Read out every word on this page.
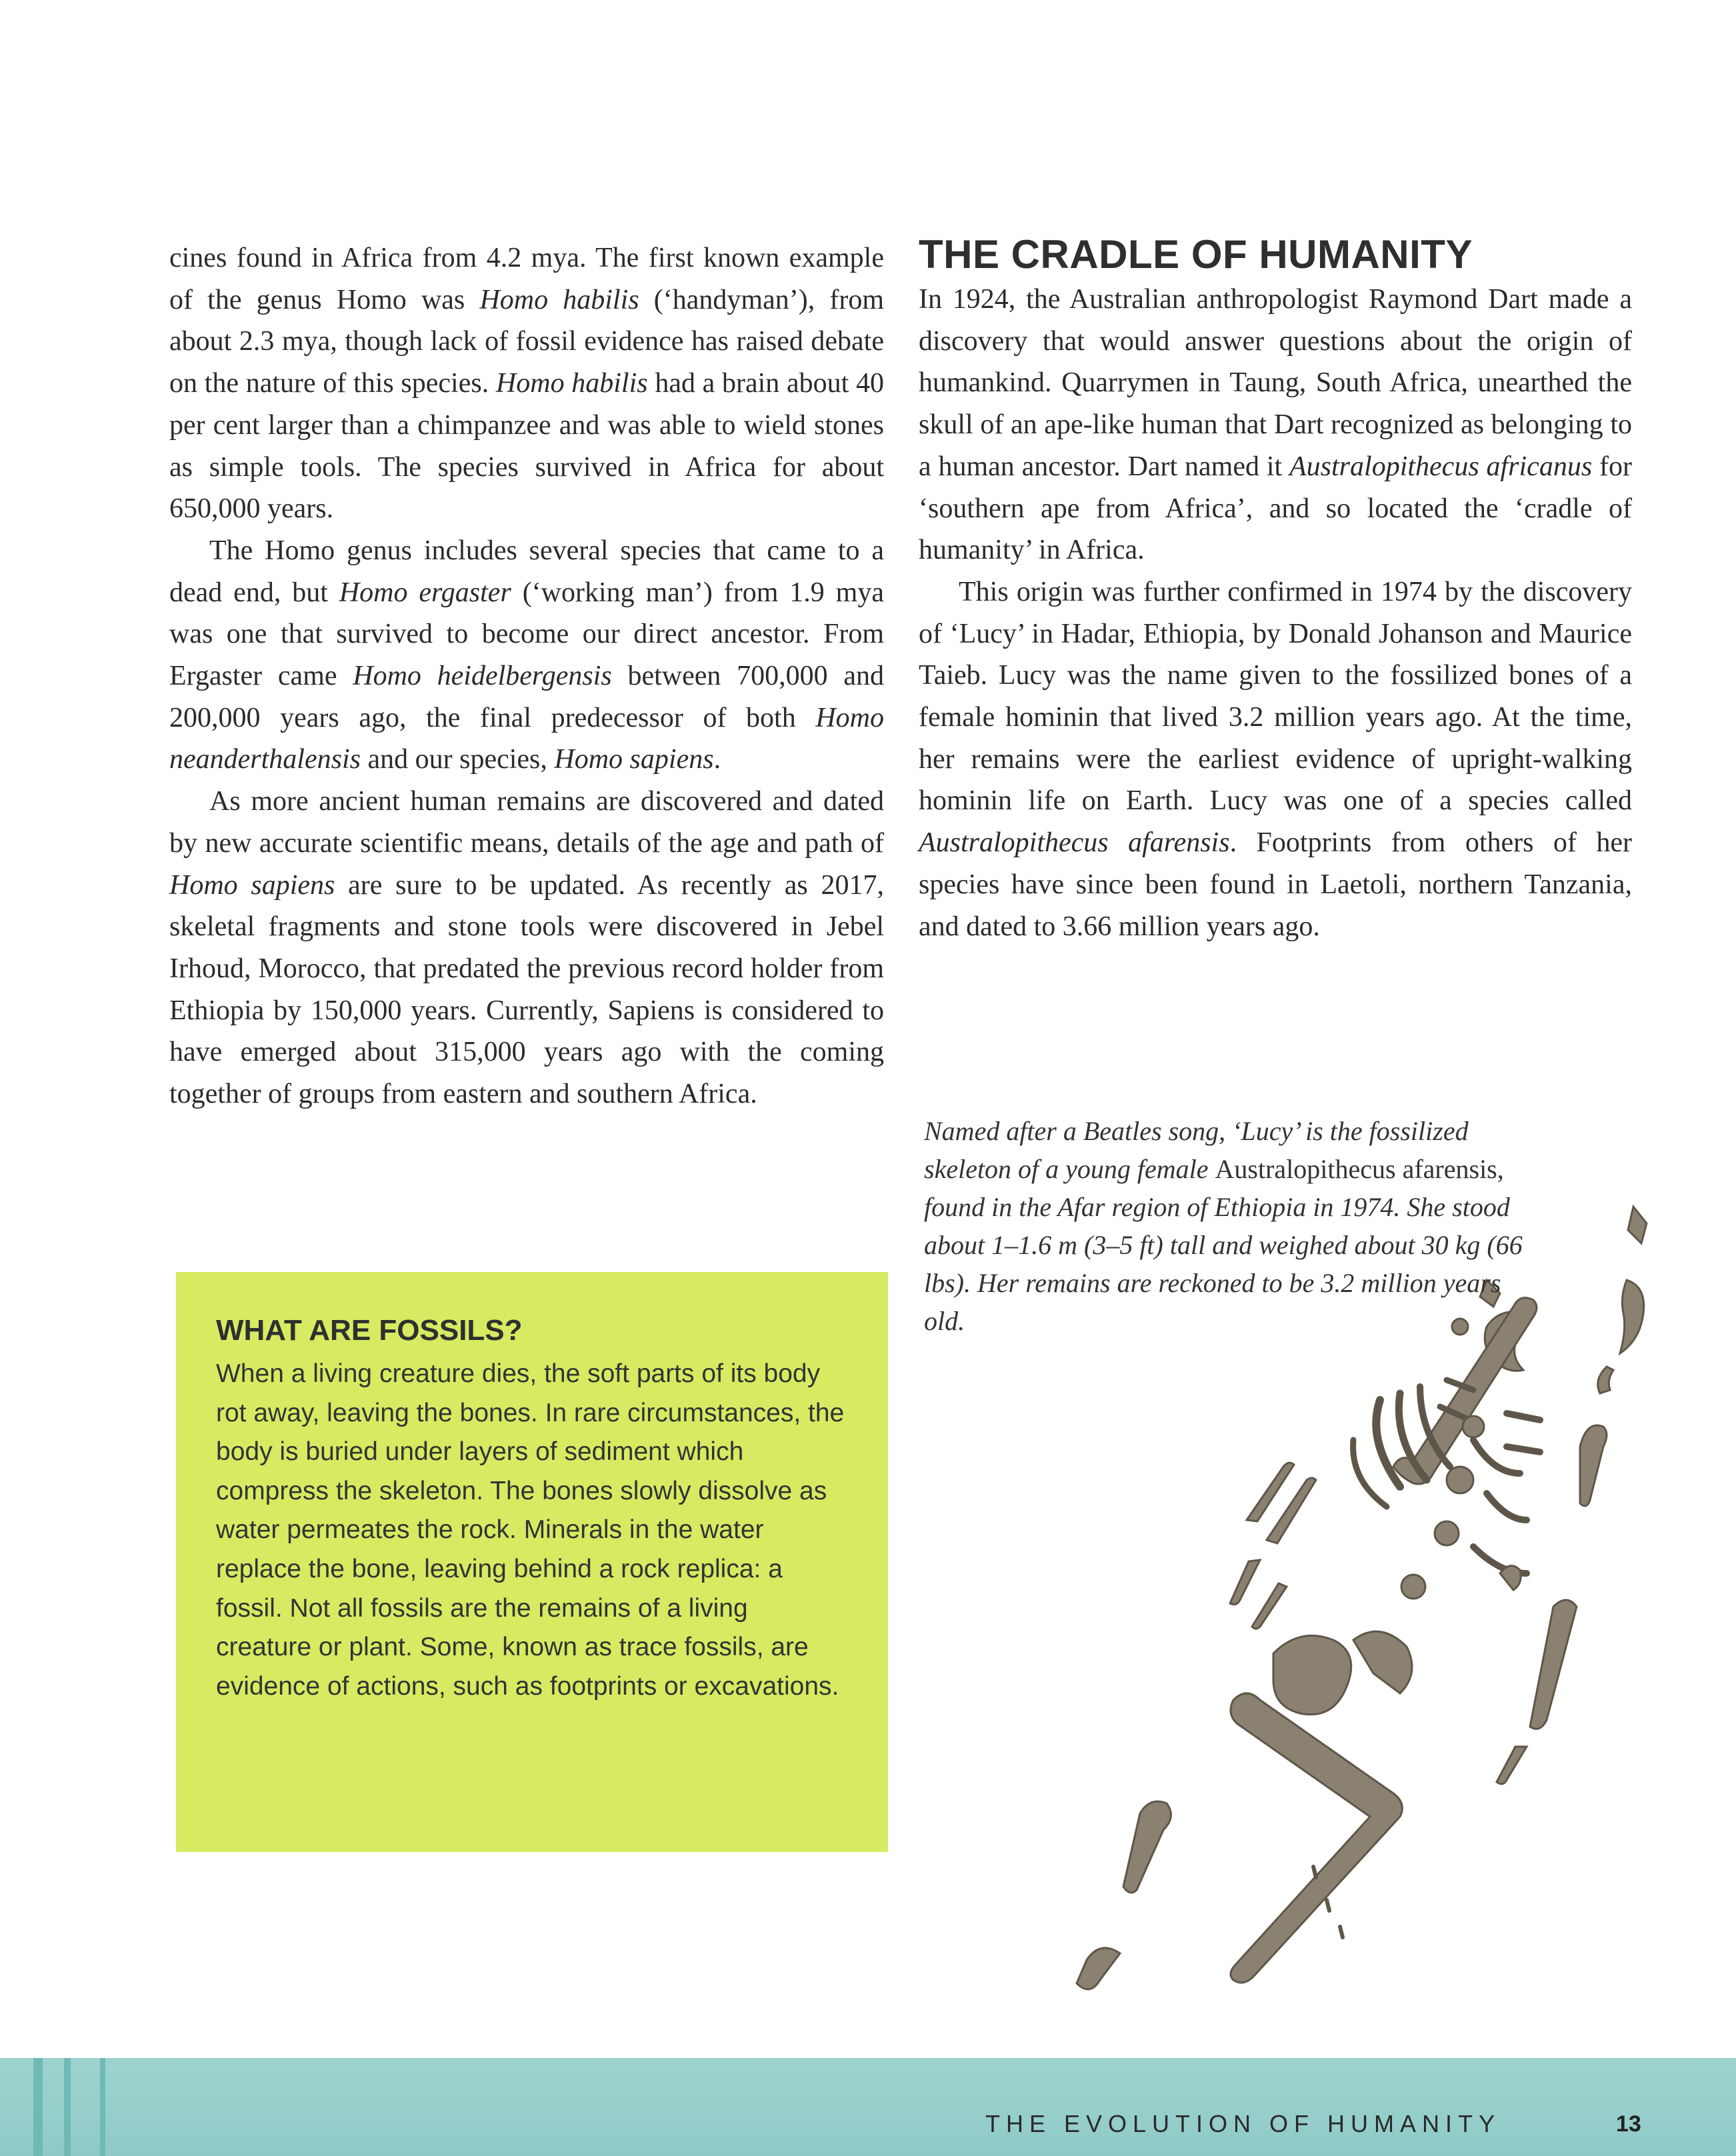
cines found in Africa from 4.2 mya. The first known example of the genus Homo was Homo habilis (‘handyman’), from about 2.3 mya, though lack of fossil evidence has raised debate on the nature of this species. Homo habilis had a brain about 40 per cent larger than a chimpanzee and was able to wield stones as simple tools. The species survived in Africa for about 650,000 years.

The Homo genus includes several species that came to a dead end, but Homo ergaster (‘working man’) from 1.9 mya was one that survived to become our direct ancestor. From Ergaster came Homo heidelbergensis between 700,000 and 200,000 years ago, the final predecessor of both Homo neanderthalensis and our species, Homo sapiens.

As more ancient human remains are discovered and dated by new accurate scientific means, details of the age and path of Homo sapiens are sure to be updated. As recently as 2017, skeletal fragments and stone tools were discovered in Jebel Irhoud, Morocco, that predated the previous record holder from Ethiopia by 150,000 years. Currently, Sapiens is considered to have emerged about 315,000 years ago with the coming together of groups from eastern and southern Africa.

WHAT ARE FOSSILS?
When a living creature dies, the soft parts of its body rot away, leaving the bones. In rare circumstances, the body is buried under layers of sediment which compress the skeleton. The bones slowly dissolve as water permeates the rock. Minerals in the water replace the bone, leaving behind a rock replica: a fossil. Not all fossils are the remains of a living creature or plant. Some, known as trace fossils, are evidence of actions, such as footprints or excavations.
THE CRADLE OF HUMANITY

In 1924, the Australian anthropologist Raymond Dart made a discovery that would answer questions about the origin of humankind. Quarrymen in Taung, South Africa, unearthed the skull of an ape-like human that Dart recognized as belonging to a human ancestor. Dart named it Australopithecus africanus for ‘southern ape from Africa’, and so located the ‘cradle of humanity’ in Africa.

This origin was further confirmed in 1974 by the discovery of ‘Lucy’ in Hadar, Ethiopia, by Donald Johanson and Maurice Taieb. Lucy was the name given to the fossilized bones of a female hominin that lived 3.2 million years ago. At the time, her remains were the earliest evidence of upright-walking hominin life on Earth. Lucy was one of a species called Australopithecus afarensis. Footprints from others of her species have since been found in Laetoli, northern Tanzania, and dated to 3.66 million years ago.

Named after a Beatles song, ‘Lucy’ is the fossilized skeleton of a young female Australopithecus afarensis, found in the Afar region of Ethiopia in 1974. She stood about 1–1.6 m (3–5 ft) tall and weighed about 30 kg (66 lbs). Her remains are reckoned to be 3.2 million years old.
THE EVOLUTION OF HUMANITY	13
